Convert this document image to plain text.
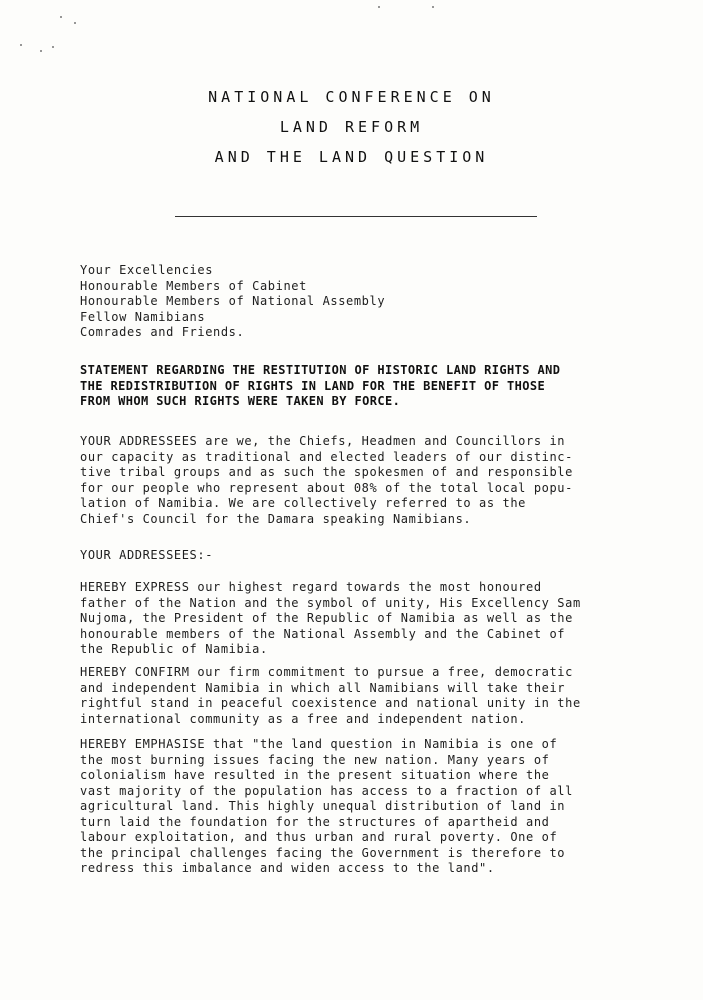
NATIONAL CONFERENCE ON
LAND REFORM
AND THE LAND QUESTION
Your Excellencies
Honourable Members of Cabinet
Honourable Members of National Assembly
Fellow Namibians
Comrades and Friends.
STATEMENT REGARDING THE RESTITUTION OF HISTORIC LAND RIGHTS AND
THE REDISTRIBUTION OF RIGHTS IN LAND FOR THE BENEFIT OF THOSE
FROM WHOM SUCH RIGHTS WERE TAKEN BY FORCE.
YOUR ADDRESSEES are we, the Chiefs, Headmen and Councillors in
our capacity as traditional and elected leaders of our distinc-
tive tribal groups and as such the spokesmen of and responsible
for our people who represent about 08% of the total local popu-
lation of Namibia. We are collectively referred to as the
Chief's Council for the Damara speaking Namibians.
YOUR ADDRESSEES:-
HEREBY EXPRESS our highest regard towards the most honoured
father of the Nation and the symbol of unity, His Excellency Sam
Nujoma, the President of the Republic of Namibia as well as the
honourable members of the National Assembly and the Cabinet of
the Republic of Namibia.
HEREBY CONFIRM our firm commitment to pursue a free, democratic
and independent Namibia in which all Namibians will take their
rightful stand in peaceful coexistence and national unity in the
international community as a free and independent nation.
HEREBY EMPHASISE that "the land question in Namibia is one of
the most burning issues facing the new nation. Many years of
colonialism have resulted in the present situation where the
vast majority of the population has access to a fraction of all
agricultural land. This highly unequal distribution of land in
turn laid the foundation for the structures of apartheid and
labour exploitation, and thus urban and rural poverty. One of
the principal challenges facing the Government is therefore to
redress this imbalance and widen access to the land".
